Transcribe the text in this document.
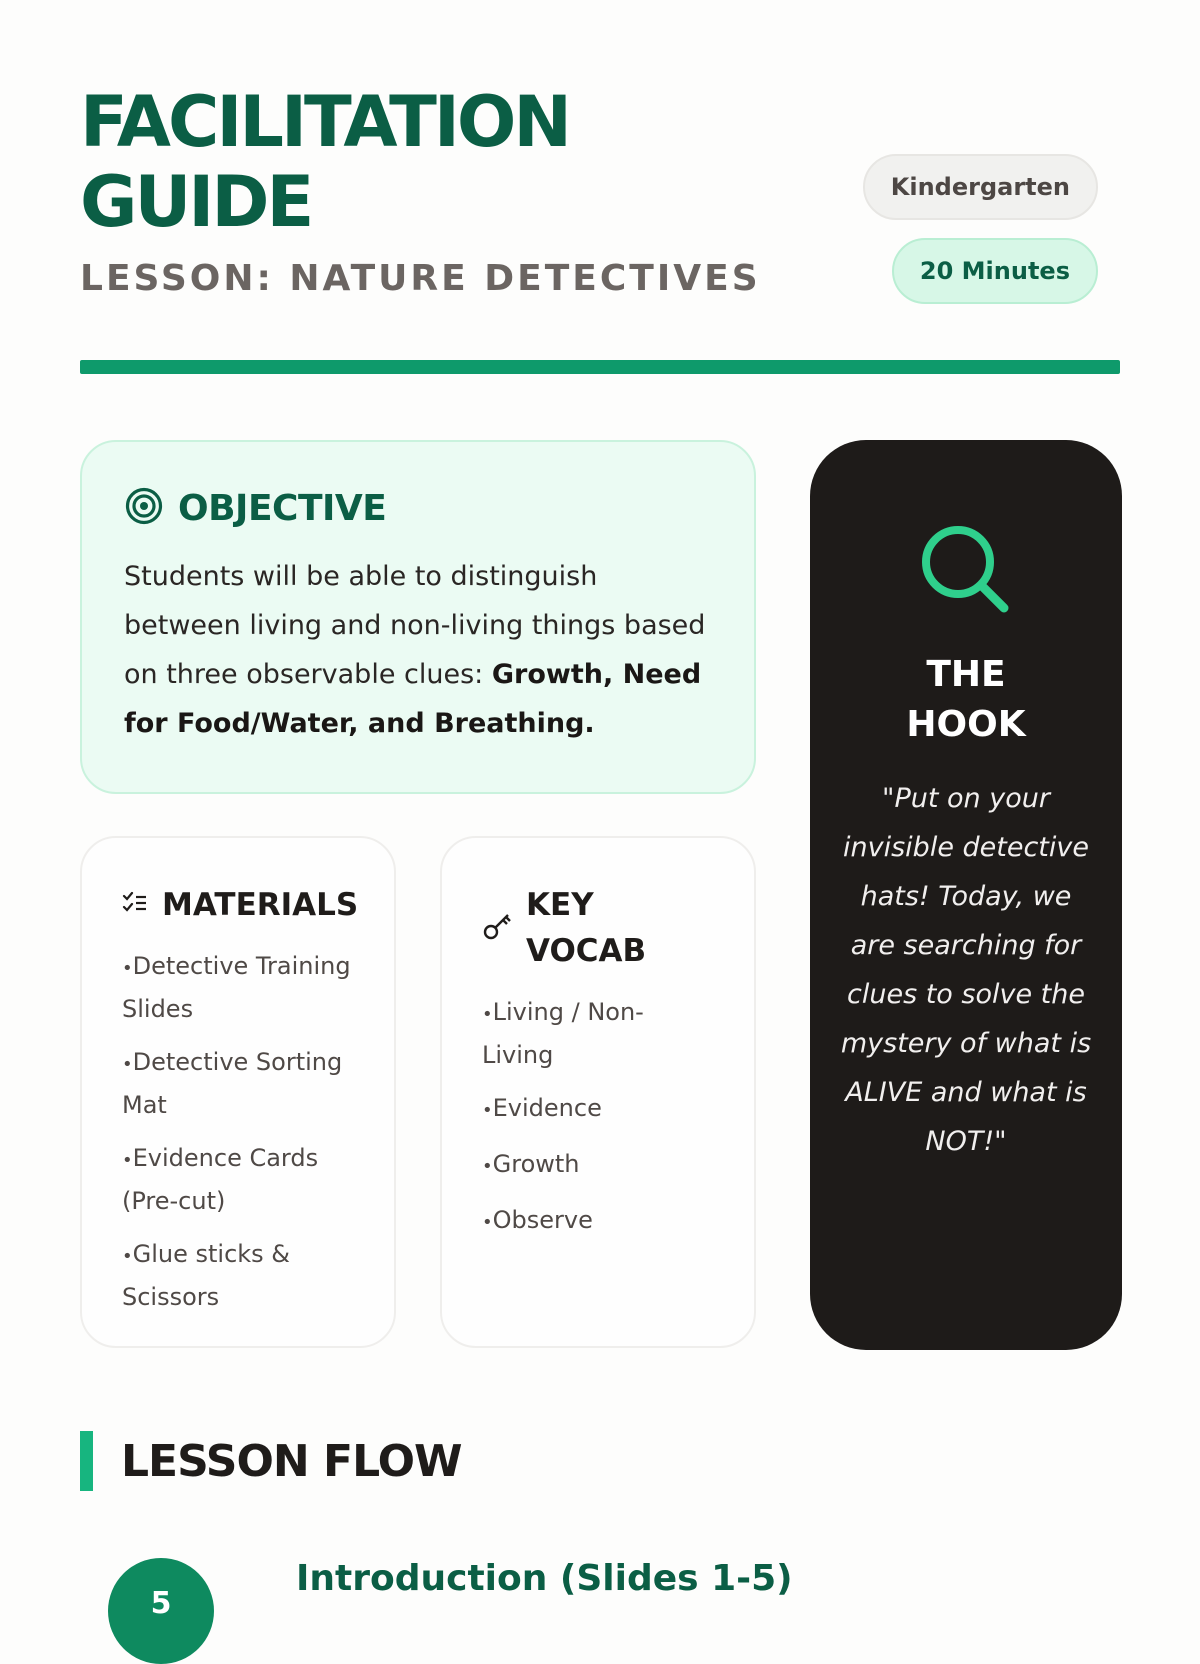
FACILITATION
GUIDE
LESSON: NATURE DETECTIVES
Kindergarten
20 Minutes
OBJECTIVE

Students will be able to distinguish between living and non-living things based on three observable clues: Growth, Need for Food/Water, and Breathing.

MATERIALS
• Detective Training Slides
• Detective Sorting Mat
• Evidence Cards (Pre-cut)
• Glue sticks & Scissors
KEY
VOCAB
• Living / Non-Living
• Evidence
• Growth
• Observe
THE
HOOK

"Put on your invisible detective hats! Today, we are searching for clues to solve the mystery of what is ALIVE and what is NOT!"

LESSON FLOW
5
Introduction (Slides 1-5)
